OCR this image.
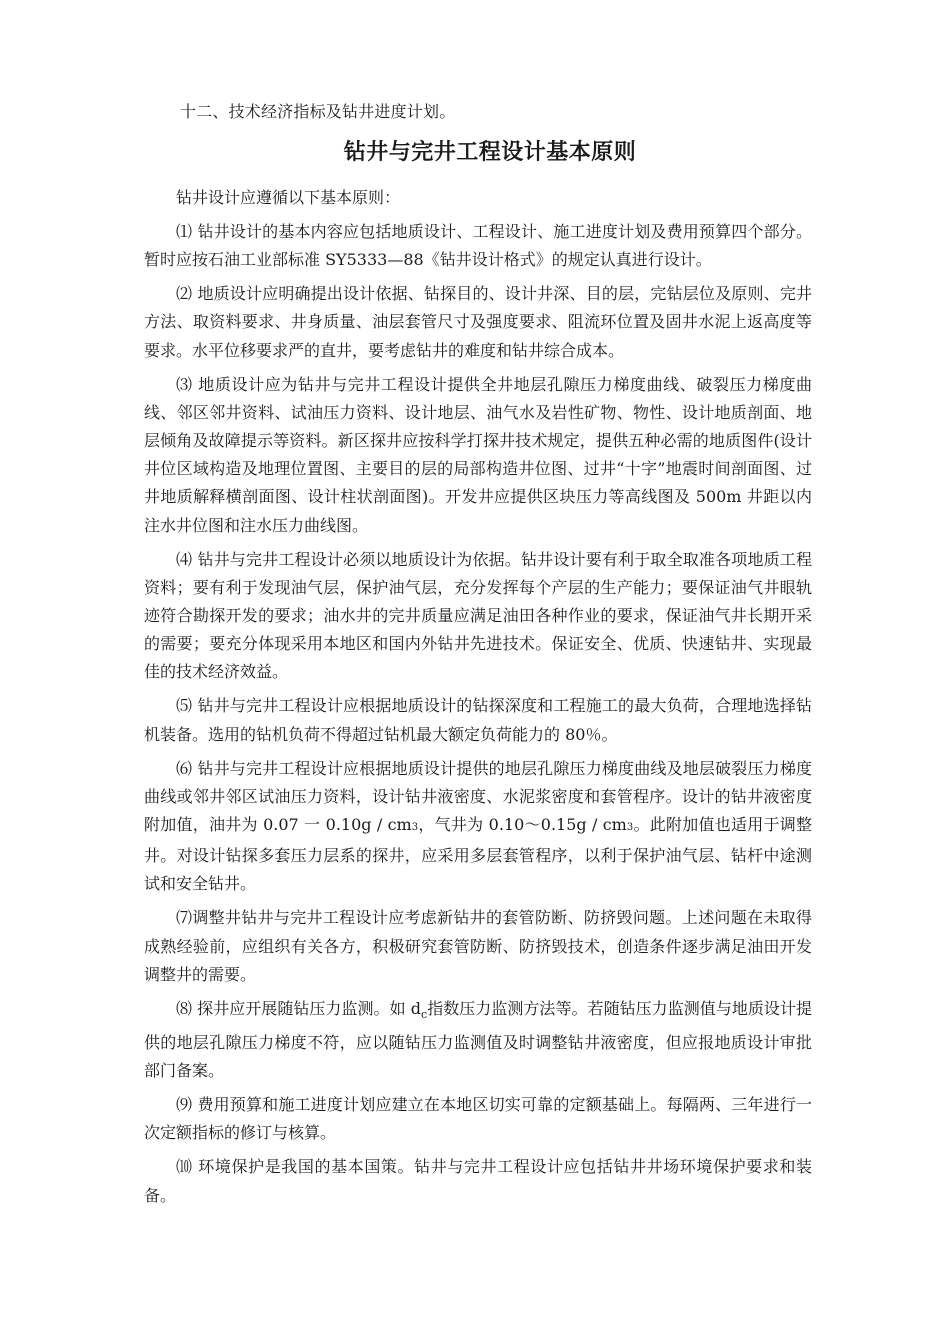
十二、技术经济指标及钻井进度计划。
钻井与完井工程设计基本原则

钻井设计应遵循以下基本原则：

⑴ 钻井设计的基本内容应包括地质设计、工程设计、施工进度计划及费用预算四个部分。暂时应按石油工业部标准 SY5333—88《钻井设计格式》的规定认真进行设计。

⑵ 地质设计应明确提出设计依据、钻探目的、设计井深、目的层，完钻层位及原则、完井方法、取资料要求、井身质量、油层套管尺寸及强度要求、阻流环位置及固井水泥上返高度等要求。水平位移要求严的直井，要考虑钻井的难度和钻井综合成本。

⑶ 地质设计应为钻井与完井工程设计提供全井地层孔隙压力梯度曲线、破裂压力梯度曲线、邻区邻井资料、试油压力资料、设计地层、油气水及岩性矿物、物性、设计地质剖面、地层倾角及故障提示等资料。新区探井应按科学打探井技术规定，提供五种必需的地质图件(设计井位区域构造及地理位置图、主要目的层的局部构造井位图、过井“十字”地震时间剖面图、过井地质解释横剖面图、设计柱状剖面图)。开发井应提供区块压力等高线图及 500m 井距以内注水井位图和注水压力曲线图。

⑷ 钻井与完井工程设计必须以地质设计为依据。钻井设计要有利于取全取准各项地质工程资料；要有利于发现油气层，保护油气层，充分发挥每个产层的生产能力；要保证油气井眼轨迹符合勘探开发的要求；油水井的完井质量应满足油田各种作业的要求，保证油气井长期开采的需要；要充分体现采用本地区和国内外钻井先进技术。保证安全、优质、快速钻井、实现最佳的技术经济效益。

⑸ 钻井与完井工程设计应根据地质设计的钻探深度和工程施工的最大负荷，合理地选择钻机装备。选用的钻机负荷不得超过钻机最大额定负荷能力的 80％。

⑹ 钻井与完井工程设计应根据地质设计提供的地层孔隙压力梯度曲线及地层破裂压力梯度曲线或邻井邻区试油压力资料，设计钻井液密度、水泥浆密度和套管程序。设计的钻井液密度附加值，油井为 0.07 一 0.10g / cm3，气井为 0.10～0.15g / cm3。此附加值也适用于调整井。对设计钻探多套压力层系的探井，应采用多层套管程序，以利于保护油气层、钻杆中途测试和安全钻井。

⑺调整井钻井与完井工程设计应考虑新钻井的套管防断、防挤毁问题。上述问题在未取得成熟经验前，应组织有关各方，积极研究套管防断、防挤毁技术，创造条件逐步满足油田开发调整井的需要。

⑻ 探井应开展随钻压力监测。如 $d_c$指数压力监测方法等。若随钻压力监测值与地质设计提供的地层孔隙压力梯度不符，应以随钻压力监测值及时调整钻井液密度，但应报地质设计审批部门备案。

⑼ 费用预算和施工进度计划应建立在本地区切实可靠的定额基础上。每隔两、三年进行一次定额指标的修订与核算。

⑽ 环境保护是我国的基本国策。钻井与完井工程设计应包括钻井井场环境保护要求和装备。
